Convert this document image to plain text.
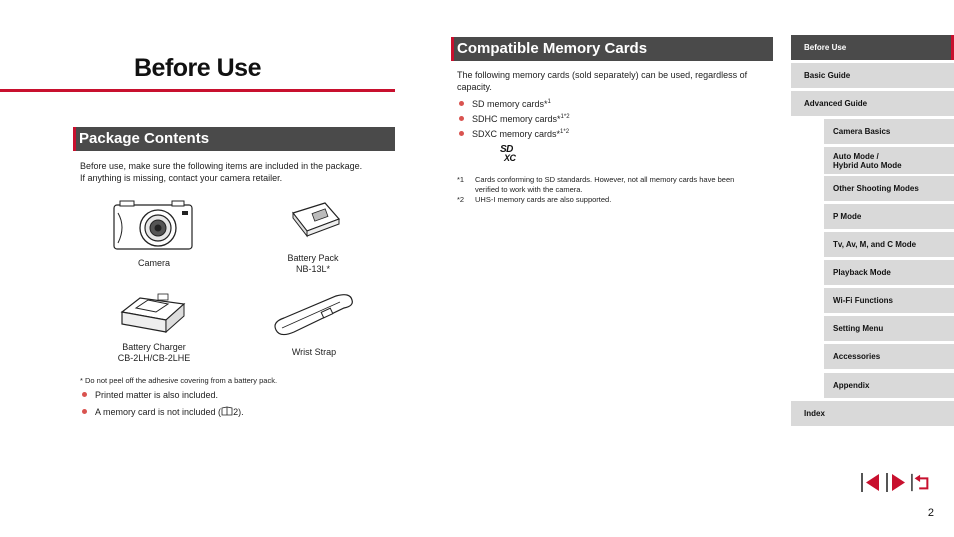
Before Use
Package Contents
Before use, make sure the following items are included in the package.
If anything is missing, contact your camera retailer.
Camera	Battery Pack
NB-13L*
Battery Charger
CB-2LH/CB-2LHE
Wrist Strap
* Do not peel off the adhesive covering from a battery pack.
Printed matter is also included.
A memory card is not included ( 2).
Compatible Memory Cards
The following memory cards (sold separately) can be used, regardless of
capacity.
SD memory cards*$^1$
SDHC memory cards*$^{1*2}$
SDXC memory cards*$^{1*2}$
SD
XC
*1 Cards conforming to SD standards. However, not all memory cards have been
verified to work with the camera.
*2 UHS-I memory cards are also supported.
Before Use
Basic Guide
Advanced Guide
Camera Basics
Auto Mode /
Hybrid Auto Mode
Other Shooting Modes
P Mode
Tv, Av, M, and C Mode
Playback Mode
Wi-Fi Functions
Setting Menu
Accessories
Appendix
Index
2
